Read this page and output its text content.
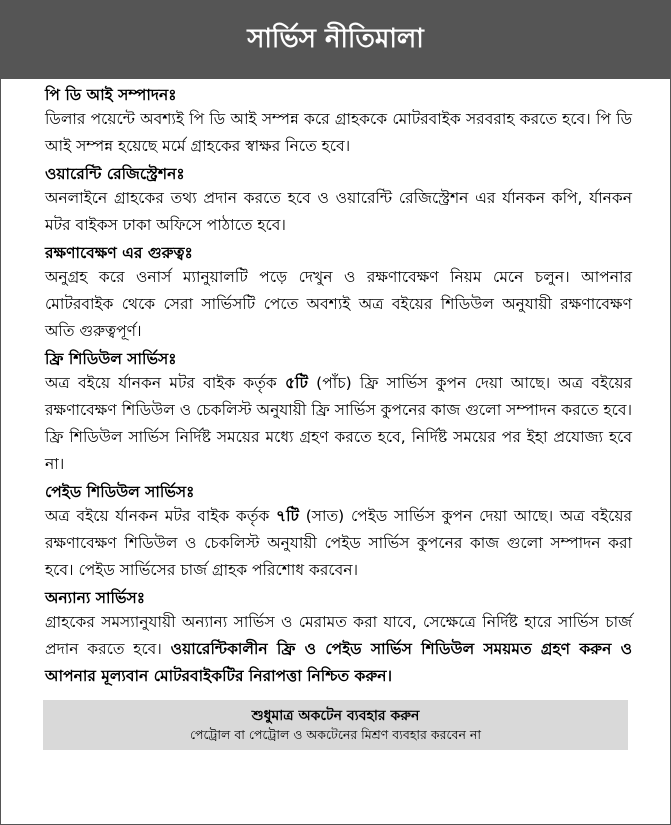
সার্ভিস নীতিমালা
পি ডি আই সম্পাদনঃ
ডিলার পয়েন্টে অবশ্যই পি ডি আই সম্পন্ন করে গ্রাহককে মোটরবাইক সরবরাহ করতে হবে। পি ডি আই সম্পন্ন হয়েছে মর্মে গ্রাহকের স্বাক্ষর নিতে হবে।
ওয়ারেন্টি রেজিস্ট্রেশনঃ
অনলাইনে গ্রাহকের তথ্য প্রদান করতে হবে ও ওয়ারেন্টি রেজিস্ট্রেশন এর র্যানকন কপি, র্যানকন মটর বাইকস ঢাকা অফিসে পাঠাতে হবে।
রক্ষণাবেক্ষণ এর গুরুত্বঃ
অনুগ্রহ করে ওনার্স ম্যানুয়ালটি পড়ে দেখুন ও রক্ষণাবেক্ষণ নিয়ম মেনে চলুন। আপনার মোটরবাইক থেকে সেরা সার্ভিসটি পেতে অবশ্যই অত্র বইয়ের শিডিউল অনুযায়ী রক্ষণাবেক্ষণ অতি গুরুত্বপূর্ণ।
ফ্রি শিডিউল সার্ভিসঃ
অত্র বইয়ে র্যানকন মটর বাইক কর্তৃক ৫টি (পাঁচ) ফ্রি সার্ভিস কুপন দেয়া আছে। অত্র বইয়ের রক্ষণাবেক্ষণ শিডিউল ও চেকলিস্ট অনুযায়ী ফ্রি সার্ভিস কুপনের কাজ গুলো সম্পাদন করতে হবে। ফ্রি শিডিউল সার্ভিস নির্দিষ্ট সময়ের মধ্যে গ্রহণ করতে হবে, নির্দিষ্ট সময়ের পর ইহা প্রযোজ্য হবে না।
পেইড শিডিউল সার্ভিসঃ
অত্র বইয়ে র্যানকন মটর বাইক কর্তৃক ৭টি (সাত) পেইড সার্ভিস কুপন দেয়া আছে। অত্র বইয়ের রক্ষণাবেক্ষণ শিডিউল ও চেকলিস্ট অনুযায়ী পেইড সার্ভিস কুপনের কাজ গুলো সম্পাদন করা হবে। পেইড সার্ভিসের চার্জ গ্রাহক পরিশোধ করবেন।
অন্যান্য সার্ভিসঃ
গ্রাহকের সমস্যানুযায়ী অন্যান্য সার্ভিস ও মেরামত করা যাবে, সেক্ষেত্রে নির্দিষ্ট হারে সার্ভিস চার্জ প্রদান করতে হবে। ওয়ারেন্টিকালীন ফ্রি ও পেইড সার্ভিস শিডিউল সময়মত গ্রহণ করুন ও আপনার মূল্যবান মোটরবাইকটির নিরাপত্তা নিশ্চিত করুন।
শুধুমাত্র অকটেন ব্যবহার করুন
পেট্রোল বা পেট্রোল ও অকটেনের মিশ্রণ ব্যবহার করবেন না
